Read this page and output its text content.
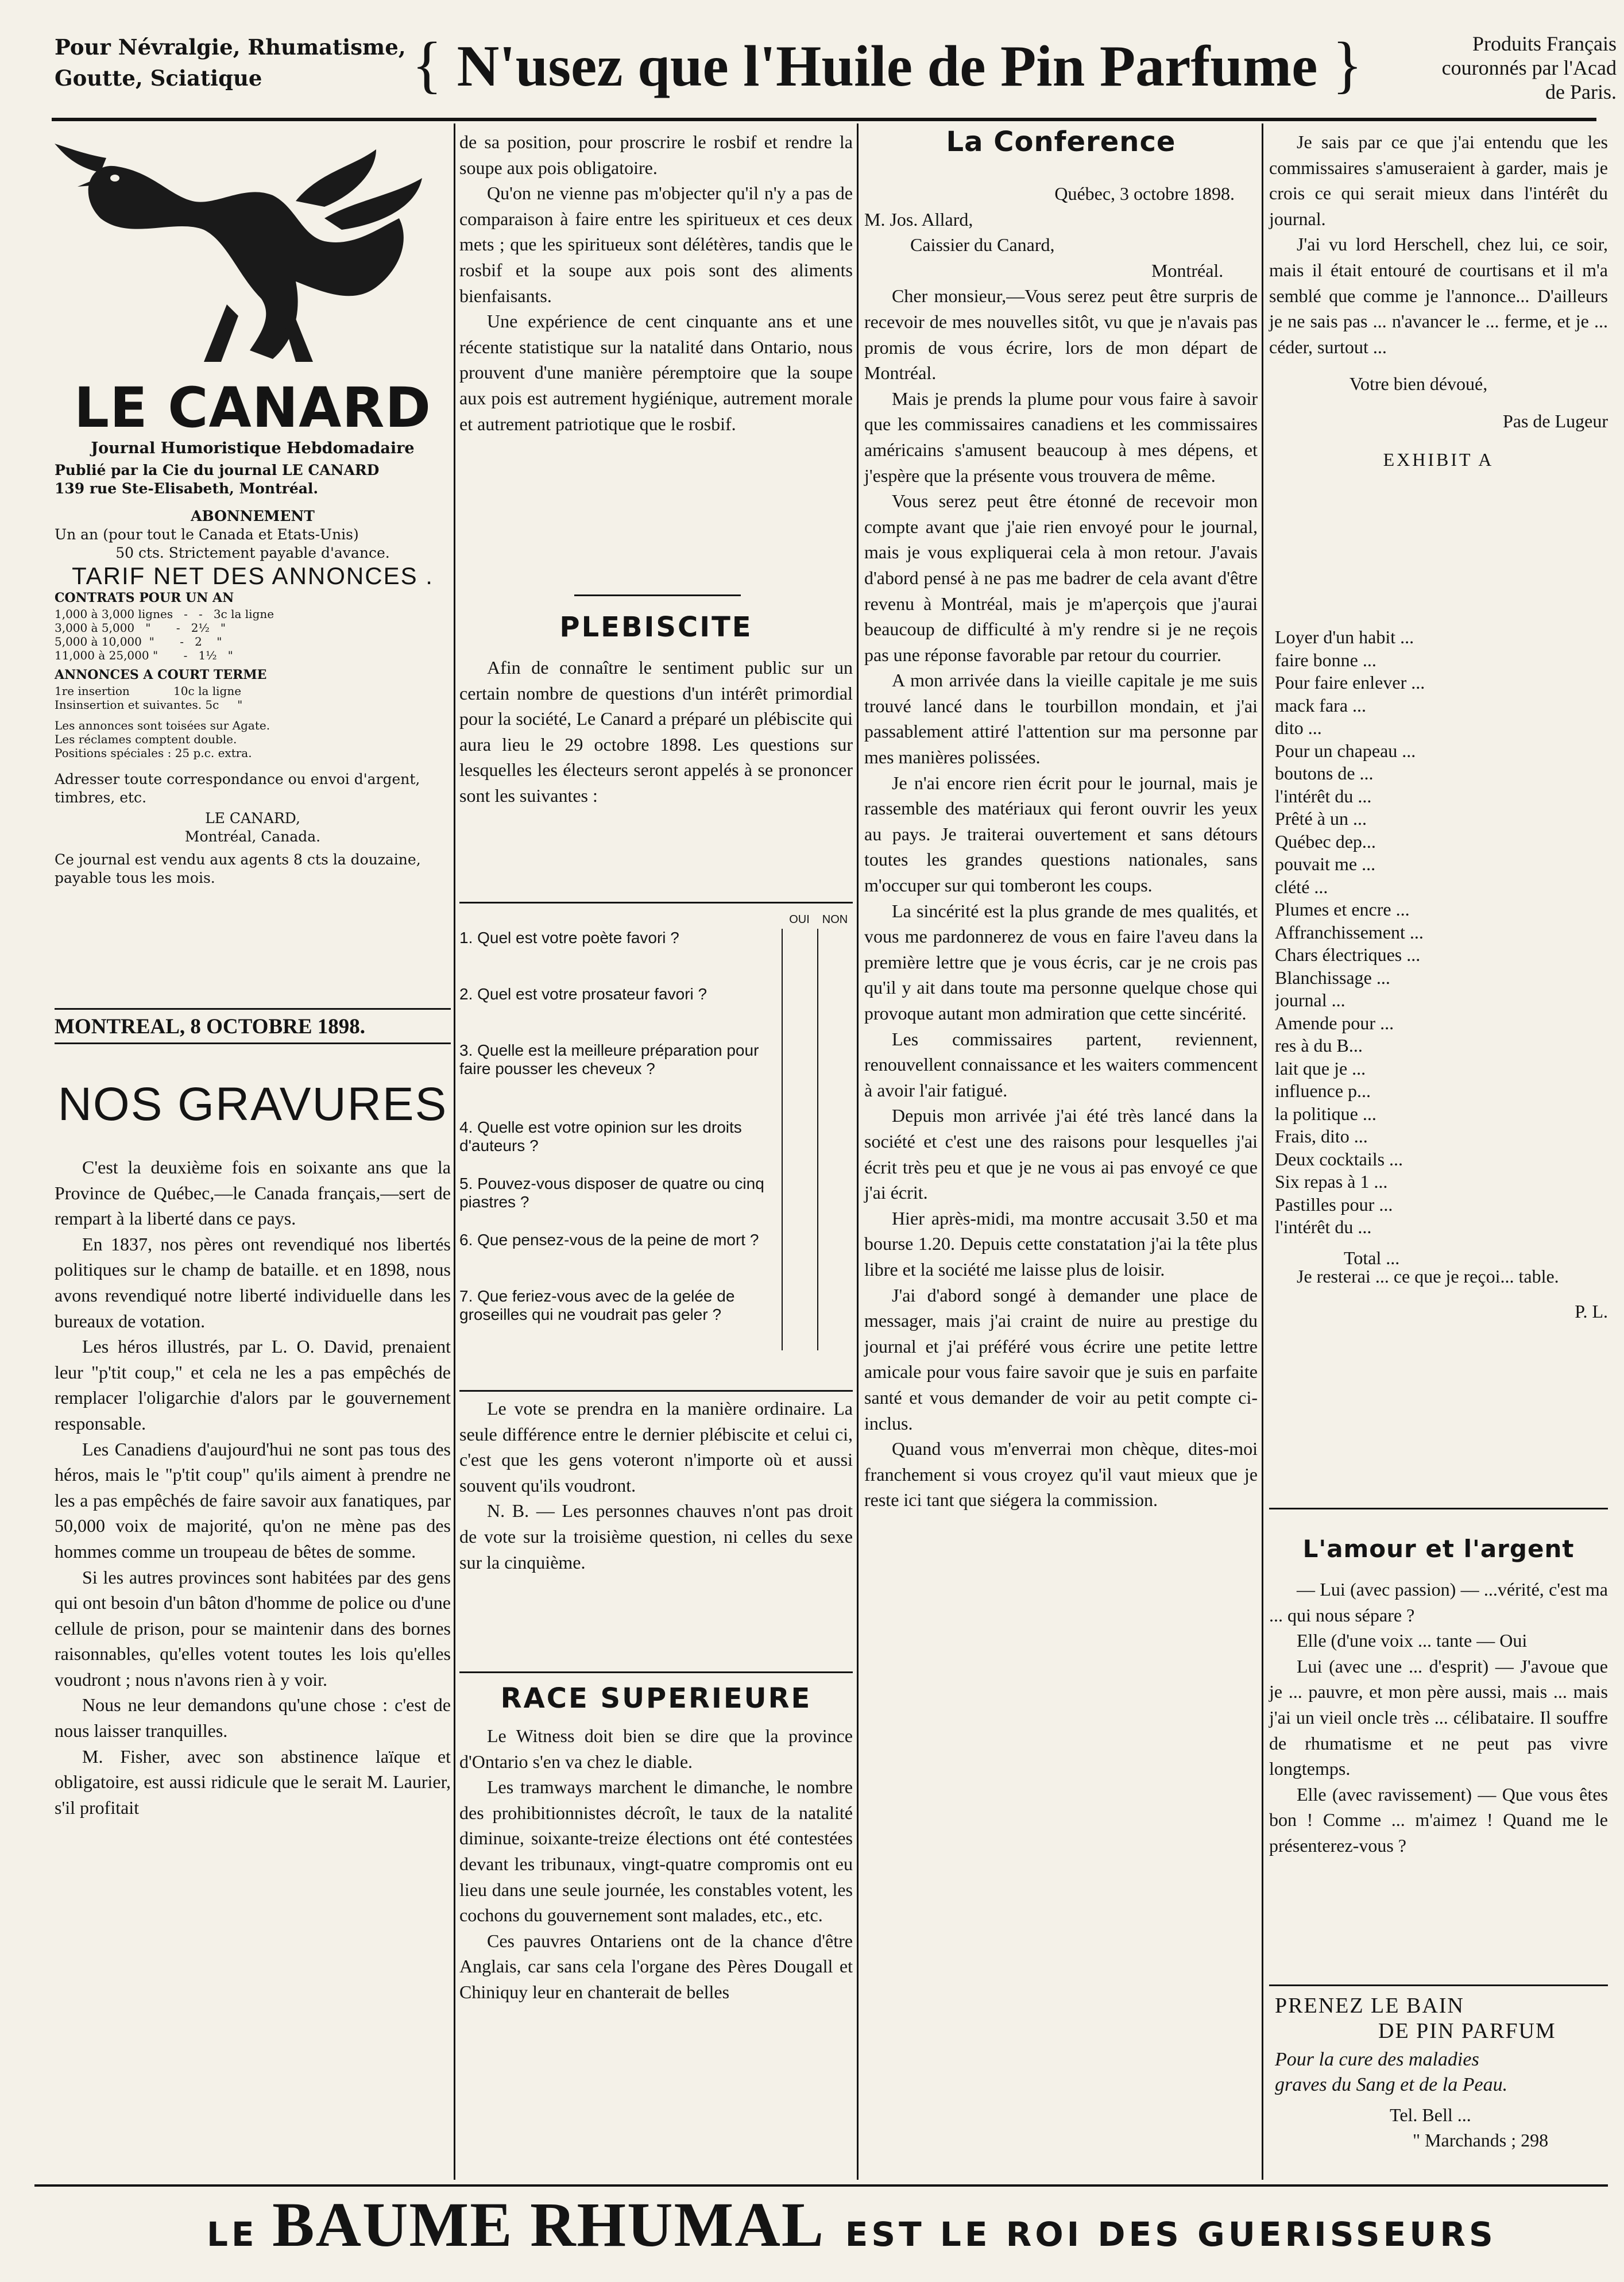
Pour Névralgie, Rhumatisme,
Goutte, Sciatique	{ N'usez que l'Huile de Pin Parfume }	Produits Français
couronnés par l'Acad
de Paris.
LE CANARD
Journal Humoristique Hebdomadaire
Publié par la Cie du journal LE CANARD
139 rue Ste-Elisabeth, Montréal.
ABONNEMENT
Un an (pour tout le Canada et Etats-Unis)
50 cts. Strictement payable d'avance.
TARIF NET DES ANNONCES .
CONTRATS POUR UN AN
1,000 à 3,000 lignes   -   -   3c la ligne
3,000 à 5,000   "       -   2½   "
5,000 à 10,000  "       -   2    "
11,000 à 25,000 "       -   1½   "
ANNONCES A COURT TERME
1re insertion            10c la ligne
Insinsertion et suivantes. 5c     "
Les annonces sont toisées sur Agate.
Les réclames comptent double.
Positions spéciales : 25 p.c. extra.
Adresser toute correspondance ou envoi d'argent, timbres, etc.
LE CANARD,
Montréal, Canada.
Ce journal est vendu aux agents 8 cts la douzaine, payable tous les mois.
MONTREAL, 8 OCTOBRE 1898.
NOS GRAVURES

C'est la deuxième fois en soixante ans que la Province de Québec,—le Canada français,—sert de rempart à la liberté dans ce pays.

En 1837, nos pères ont revendiqué nos libertés politiques sur le champ de bataille. et en 1898, nous avons revendiqué notre liberté individuelle dans les bureaux de votation.

Les héros illustrés, par L. O. David, prenaient leur "p'tit coup," et cela ne les a pas empêchés de remplacer l'oligarchie d'alors par le gouvernement responsable.

Les Canadiens d'aujourd'hui ne sont pas tous des héros, mais le "p'tit coup" qu'ils aiment à prendre ne les a pas empêchés de faire savoir aux fanatiques, par 50,000 voix de majorité, qu'on ne mène pas des hommes comme un troupeau de bêtes de somme.

Si les autres provinces sont habitées par des gens qui ont besoin d'un bâton d'homme de police ou d'une cellule de prison, pour se maintenir dans des bornes raisonnables, qu'elles votent toutes les lois qu'elles voudront ; nous n'avons rien à y voir.

Nous ne leur demandons qu'une chose : c'est de nous laisser tranquilles.

M. Fisher, avec son abstinence laïque et obligatoire, est aussi ridicule que le serait M. Laurier, s'il profitait

de sa position, pour proscrire le rosbif et rendre la soupe aux pois obligatoire.

Qu'on ne vienne pas m'objecter qu'il n'y a pas de comparaison à faire entre les spiritueux et ces deux mets ; que les spiritueux sont délétères, tandis que le rosbif et la soupe aux pois sont des aliments bienfaisants.

Une expérience de cent cinquante ans et une récente statistique sur la natalité dans Ontario, nous prouvent d'une manière péremptoire que la soupe aux pois est autrement hygiénique, autrement morale et autrement patriotique que le rosbif.

PLEBISCITE

Afin de connaître le sentiment public sur un certain nombre de questions d'un intérêt primordial pour la société, Le Canard a préparé un plébiscite qui aura lieu le 29 octobre 1898. Les questions sur lesquelles les électeurs seront appelés à se prononcer sont les suivantes :

OUI	NON
1. Quel est votre poète favori ?
2. Quel est votre prosateur favori ?
3. Quelle est la meilleure préparation pour faire pousser les cheveux ?
4. Quelle est votre opinion sur les droits d'auteurs ?
5. Pouvez-vous disposer de quatre ou cinq piastres ?
6. Que pensez-vous de la peine de mort ?
7. Que feriez-vous avec de la gelée de groseilles qui ne voudrait pas geler ?

Le vote se prendra en la manière ordinaire. La seule différence entre le dernier plébiscite et celui ci, c'est que les gens voteront n'importe où et aussi souvent qu'ils voudront.

N. B. — Les personnes chauves n'ont pas droit de vote sur la troisième question, ni celles du sexe sur la cinquième.

RACE SUPERIEURE

Le Witness doit bien se dire que la province d'Ontario s'en va chez le diable.

Les tramways marchent le dimanche, le nombre des prohibitionnistes décroît, le taux de la natalité diminue, soixante-treize élections ont été contestées devant les tribunaux, vingt-quatre compromis ont eu lieu dans une seule journée, les constables votent, les cochons du gouvernement sont malades, etc., etc.

Ces pauvres Ontariens ont de la chance d'être Anglais, car sans cela l'organe des Pères Dougall et Chiniquy leur en chanterait de belles

La Conference
Québec, 3 octobre 1898.
M. Jos. Allard,
Caissier du Canard,
Montréal.

Cher monsieur,—Vous serez peut être surpris de recevoir de mes nouvelles sitôt, vu que je n'avais pas promis de vous écrire, lors de mon départ de Montréal.

Mais je prends la plume pour vous faire à savoir que les commissaires canadiens et les commissaires américains s'amusent beaucoup à mes dépens, et j'espère que la présente vous trouvera de même.

Vous serez peut être étonné de recevoir mon compte avant que j'aie rien envoyé pour le journal, mais je vous expliquerai cela à mon retour. J'avais d'abord pensé à ne pas me badrer de cela avant d'être revenu à Montréal, mais je m'aperçois que j'aurai beaucoup de difficulté à m'y rendre si je ne reçois pas une réponse favorable par retour du courrier.

A mon arrivée dans la vieille capitale je me suis trouvé lancé dans le tourbillon mondain, et j'ai passablement attiré l'attention sur ma personne par mes manières polissées.

Je n'ai encore rien écrit pour le journal, mais je rassemble des matériaux qui feront ouvrir les yeux au pays. Je traiterai ouvertement et sans détours toutes les grandes questions nationales, sans m'occuper sur qui tomberont les coups.

La sincérité est la plus grande de mes qualités, et vous me pardonnerez de vous en faire l'aveu dans la première lettre que je vous écris, car je ne crois pas qu'il y ait dans toute ma personne quelque chose qui provoque autant mon admiration que cette sincérité.

Les commissaires partent, reviennent, renouvellent connaissance et les waiters commencent à avoir l'air fatigué.

Depuis mon arrivée j'ai été très lancé dans la société et c'est une des raisons pour lesquelles j'ai écrit très peu et que je ne vous ai pas envoyé ce que j'ai écrit.

Hier après-midi, ma montre accusait 3.50 et ma bourse 1.20. Depuis cette constatation j'ai la tête plus libre et la société me laisse plus de loisir.

J'ai d'abord songé à demander une place de messager, mais j'ai craint de nuire au prestige du journal et j'ai préféré vous écrire une petite lettre amicale pour vous faire savoir que je suis en parfaite santé et vous demander de voir au petit compte ci-inclus.

Quand vous m'enverrai mon chèque, dites-moi franchement si vous croyez qu'il vaut mieux que je reste ici tant que siégera la commission.

Je sais par ce que j'ai entendu que les commissaires s'amuseraient à garder, mais je crois ce qui serait mieux dans l'intérêt du journal.

J'ai vu lord Herschell, chez lui, ce soir, mais il était entouré de courtisans et il m'a semblé que comme je l'annonce... D'ailleurs je ne sais pas ... n'avancer le ... ferme, et je ... céder, surtout ...

Votre bien dévoué,
Pas de Lugeur
EXHIBIT A
Loyer d'un habit ...
faire bonne ...
Pour faire enlever ...
mack fara ...
dito ...
Pour un chapeau ...
boutons de ...
l'intérêt du ...
Prêté à un ...
Québec dep...
pouvait me ...
clété ...
Plumes et encre ...
Affranchissement ...
Chars électriques ...
Blanchissage ...
journal ...
Amende pour ...
res à du B...
lait que je ...
influence p...
la politique ...
Frais, dito ...
Deux cocktails ...
Six repas à 1 ...
Pastilles pour ...
l'intérêt du ...
Total ...

Je resterai ... ce que je reçoi... table.

P. L.
L'amour et l'argent

— Lui (avec passion) — ...vérité, c'est ma ... qui nous sépare ?

Elle (d'une voix ... tante — Oui

Lui (avec une ... d'esprit) — J'avoue que je ... pauvre, et mon père aussi, mais ... mais j'ai un vieil oncle très ... célibataire. Il souffre de rhumatisme et ne peut pas vivre longtemps.

Elle (avec ravissement) — Que vous êtes bon ! Comme ... m'aimez ! Quand me le présenterez-vous ?

PRENEZ LE BAIN
DE PIN PARFUM
Pour la cure des maladies
graves du Sang et de la Peau.
Tel. Bell ...
" Marchands ; 298
LE BAUME RHUMAL EST LE ROI DES GUERISSEURS
